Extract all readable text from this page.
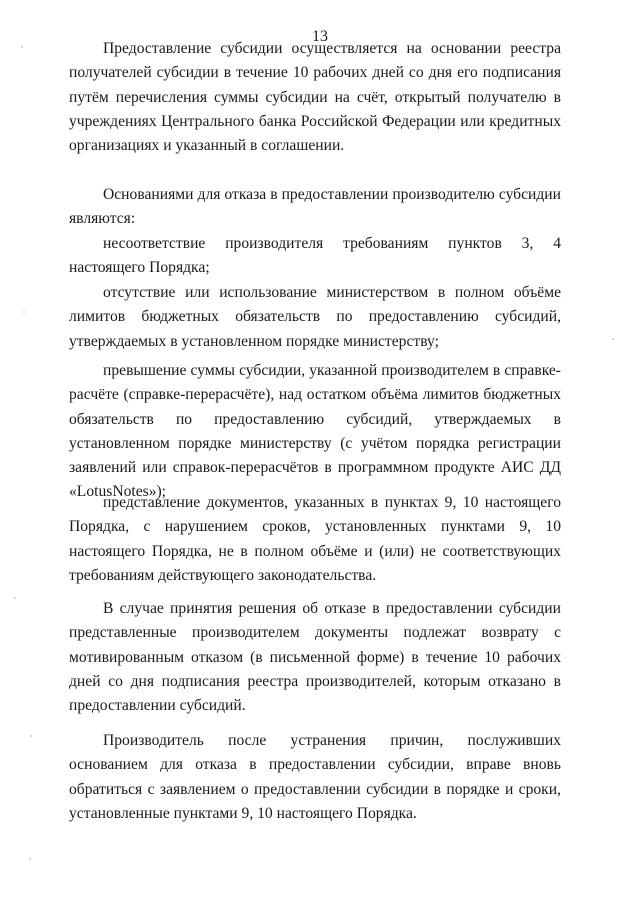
13

Предоставление субсидии осуществляется на основании реестра получателей субсидии в течение 10 рабочих дней со дня его подписания путём перечисления суммы субсидии на счёт, открытый получателю в учреждениях Центрального банка Российской Федерации или кредитных организациях и указанный в соглашении.

Основаниями для отказа в предоставлении производителю субсидии являются:

несоответствие производителя требованиям пунктов 3, 4 настоящего Порядка;

отсутствие или использование министерством в полном объёме лимитов бюджетных обязательств по предоставлению субсидий, утверждаемых в установленном порядке министерству;

превышение суммы субсидии, указанной производителем в справке-расчёте (справке-перерасчёте), над остатком объёма лимитов бюджетных обязательств по предоставлению субсидий, утверждаемых в установленном порядке министерству (с учётом порядка регистрации заявлений или справок-перерасчётов в программном продукте АИС ДД «LotusNotes»);

представление документов, указанных в пунктах 9, 10 настоящего Порядка, с нарушением сроков, установленных пунктами 9, 10 настоящего Порядка, не в полном объёме и (или) не соответствующих требованиям действующего законодательства.

В случае принятия решения об отказе в предоставлении субсидии представленные производителем документы подлежат возврату с мотивированным отказом (в письменной форме) в течение 10 рабочих дней со дня подписания реестра производителей, которым отказано в предоставлении субсидий.

Производитель после устранения причин, послуживших основанием для отказа в предоставлении субсидии, вправе вновь обратиться с заявлением о предоставлении субсидии в порядке и сроки, установленные пунктами 9, 10 настоящего Порядка.
